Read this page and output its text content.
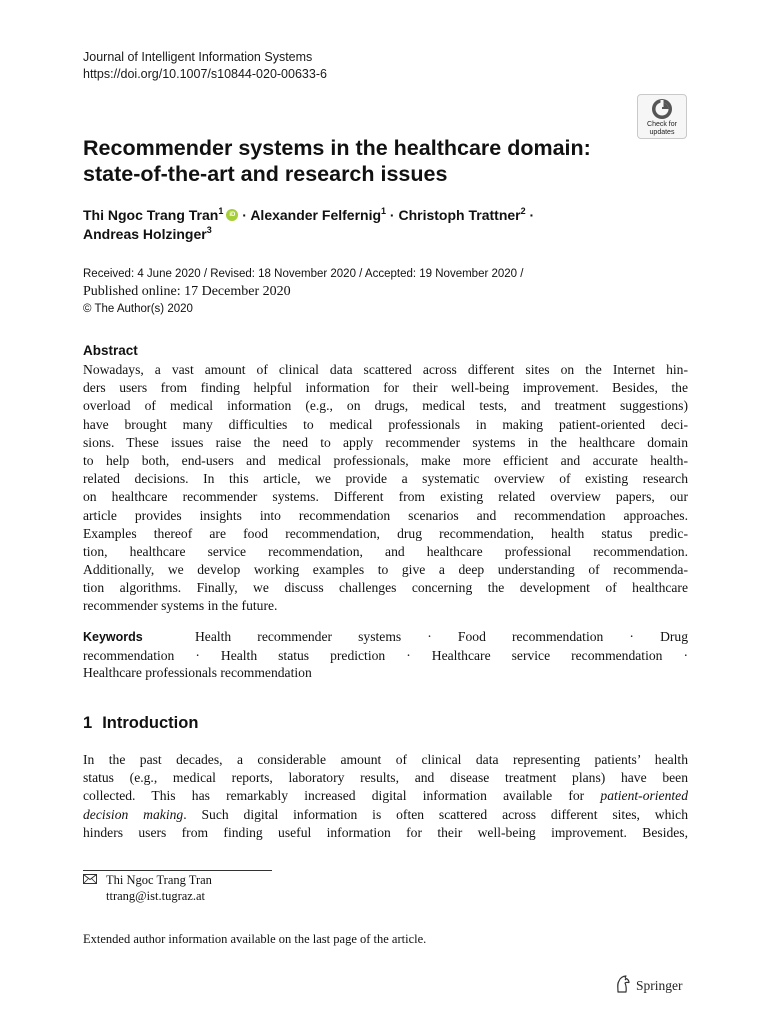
Journal of Intelligent Information Systems
https://doi.org/10.1007/s10844-020-00633-6
Check for
updates
Recommender systems in the healthcare domain:
state-of-the-art and research issues
Thi Ngoc Trang Tran$^1$iD · Alexander Felfernig$^1$ · Christoph Trattner$^2$ ·
Andreas Holzinger$^3$
Received: 4 June 2020 / Revised: 18 November 2020 / Accepted: 19 November 2020 /
Published online: 17 December 2020
© The Author(s) 2020
Abstract

Nowadays, a vast amount of clinical data scattered across different sites on the Internet hin-

ders users from finding helpful information for their well-being improvement. Besides, the

overload of medical information (e.g., on drugs, medical tests, and treatment suggestions)

have brought many difficulties to medical professionals in making patient-oriented deci-

sions. These issues raise the need to apply recommender systems in the healthcare domain

to help both, end-users and medical professionals, make more efficient and accurate health-

related decisions. In this article, we provide a systematic overview of existing research

on healthcare recommender systems. Different from existing related overview papers, our

article provides insights into recommendation scenarios and recommendation approaches.

Examples thereof are food recommendation, drug recommendation, health status predic-

tion, healthcare service recommendation, and healthcare professional recommendation.

Additionally, we develop working examples to give a deep understanding of recommenda-

tion algorithms. Finally, we discuss challenges concerning the development of healthcare

recommender systems in the future.

Keywords	Health recommender systems · Food recommendation · Drug

recommendation · Health status prediction · Healthcare service recommendation ·

Healthcare professionals recommendation

1 Introduction

In the past decades, a considerable amount of clinical data representing patients’ health

status (e.g., medical reports, laboratory results, and disease treatment plans) have been

collected. This has remarkably increased digital information available for patient-oriented

decision making. Such digital information is often scattered across different sites, which

hinders users from finding useful information for their well-being improvement. Besides,

Thi Ngoc Trang Tran
ttrang@ist.tugraz.at
Extended author information available on the last page of the article.
Springer
